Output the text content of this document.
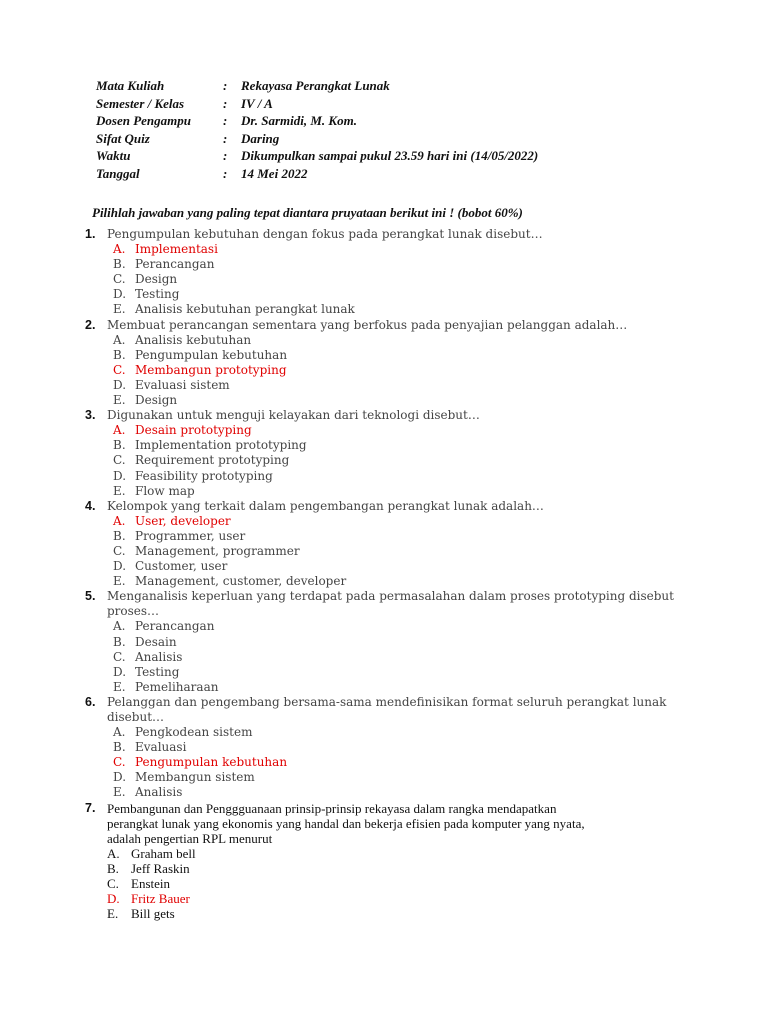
Mata Kuliah	:	Rekayasa Perangkat Lunak
Semester / Kelas	:	IV / A
Dosen Pengampu	:	Dr. Sarmidi, M. Kom.
Sifat Quiz	:	Daring
Waktu	:	Dikumpulkan sampai pukul 23.59 hari ini (14/05/2022)
Tanggal	:	14 Mei 2022
Pilihlah jawaban yang paling tepat diantara pruyataan berikut ini ! (bobot 60%)
1. Pengumpulan kebutuhan dengan fokus pada perangkat lunak disebut…
A. Implementasi
B. Perancangan
C. Design
D. Testing
E. Analisis kebutuhan perangkat lunak
2. Membuat perancangan sementara yang berfokus pada penyajian pelanggan adalah…
A. Analisis kebutuhan
B. Pengumpulan kebutuhan
C. Membangun prototyping
D. Evaluasi sistem
E. Design
3. Digunakan untuk menguji kelayakan dari teknologi disebut…
A. Desain prototyping
B. Implementation prototyping
C. Requirement prototyping
D. Feasibility prototyping
E. Flow map
4. Kelompok yang terkait dalam pengembangan perangkat lunak adalah…
A. User, developer
B. Programmer, user
C. Management, programmer
D. Customer, user
E. Management, customer, developer
5. Menganalisis keperluan yang terdapat pada permasalahan dalam proses prototyping disebut
proses…
A. Perancangan
B. Desain
C. Analisis
D. Testing
E. Pemeliharaan
6. Pelanggan dan pengembang bersama-sama mendefinisikan format seluruh perangkat lunak
disebut…
A. Pengkodean sistem
B. Evaluasi
C. Pengumpulan kebutuhan
D. Membangun sistem
E. Analisis
7. Pembangunan dan Penggguanaan prinsip-prinsip rekayasa dalam rangka mendapatkan
perangkat lunak yang ekonomis yang handal dan bekerja efisien pada komputer yang nyata,
adalah pengertian RPL menurut
A. Graham bell
B. Jeff Raskin
C. Enstein
D. Fritz Bauer
E. Bill gets
